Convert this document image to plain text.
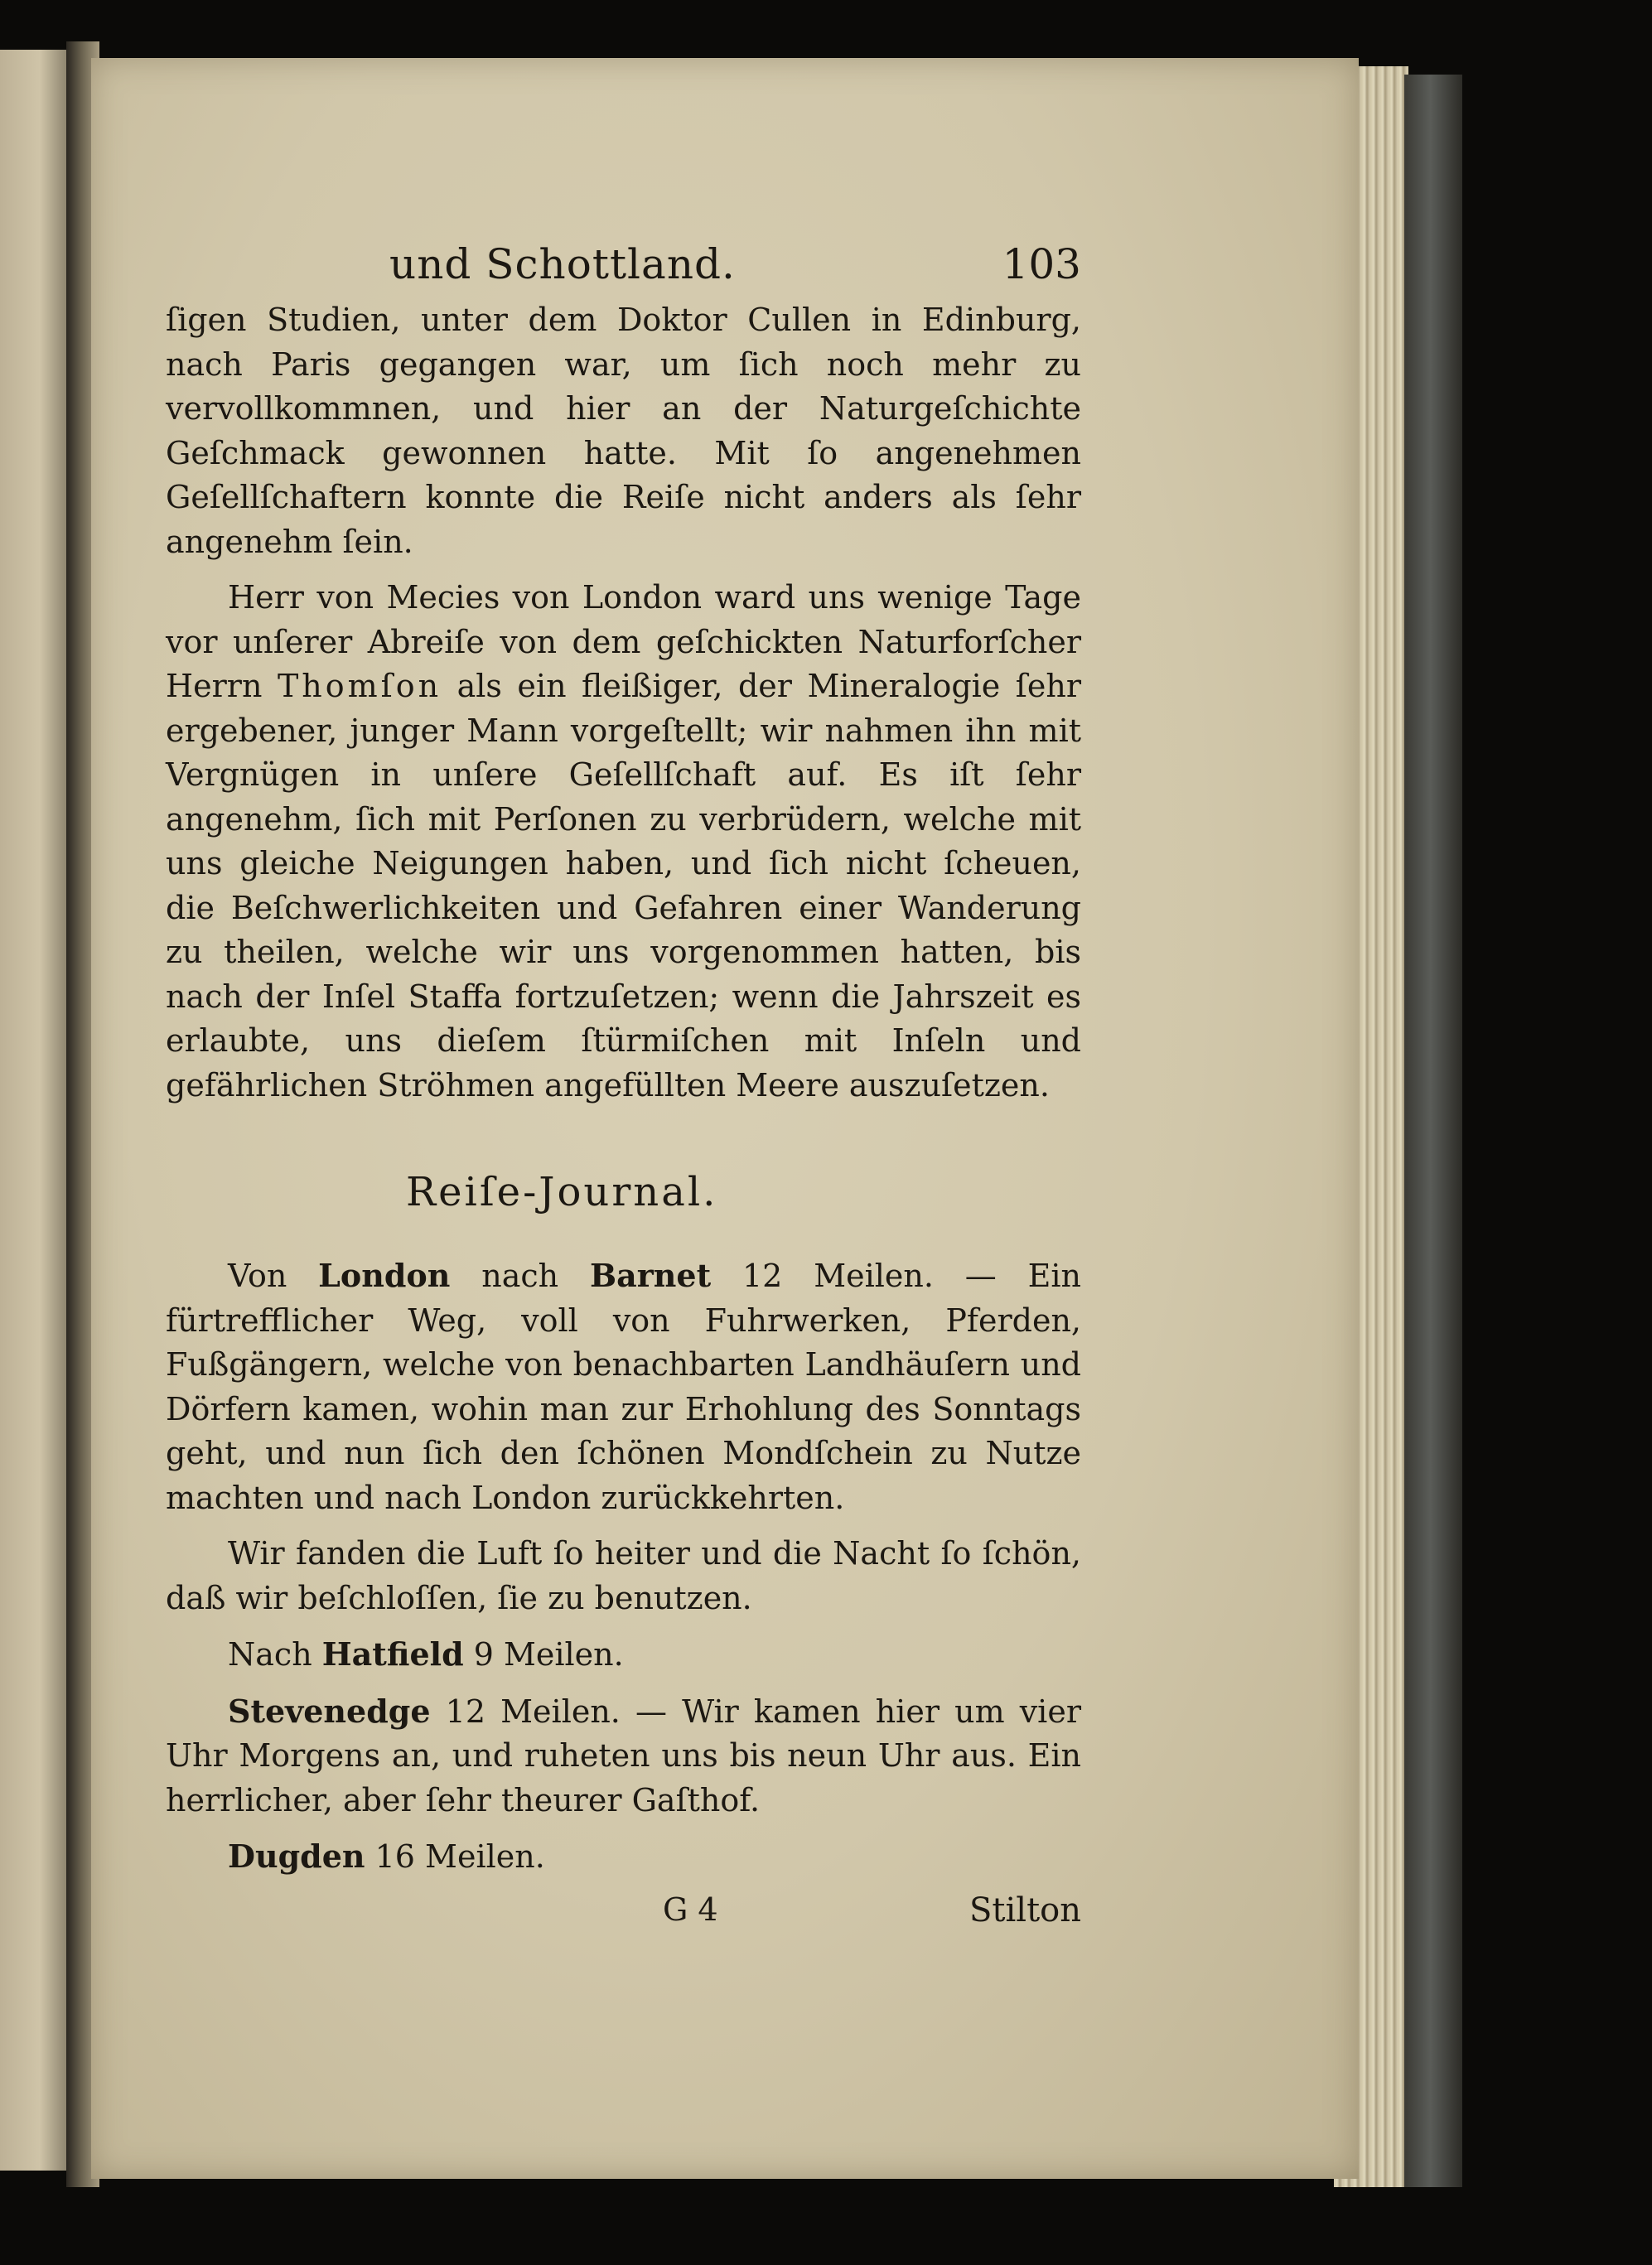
und Schottland.	103

ſigen Studien, unter dem Doktor Cullen in Edinburg, nach Paris gegangen war, um ſich noch mehr zu vervollkommnen, und hier an der Naturgeſchichte Geſchmack gewonnen hatte. Mit ſo angenehmen Geſellſchaftern konnte die Reiſe nicht anders als ſehr angenehm ſein.

Herr von Mecies von London ward uns wenige Tage vor unſerer Abreiſe von dem geſchickten Naturforſcher Herrn Thomſon als ein fleißiger, der Mineralogie ſehr ergebener, junger Mann vorgeſtellt; wir nahmen ihn mit Vergnügen in unſere Geſellſchaft auf. Es iſt ſehr angenehm, ſich mit Perſonen zu verbrüdern, welche mit uns gleiche Neigungen haben, und ſich nicht ſcheuen, die Beſchwerlichkeiten und Gefahren einer Wanderung zu theilen, welche wir uns vorgenommen hatten, bis nach der Inſel Staffa fortzuſetzen; wenn die Jahrszeit es erlaubte, uns dieſem ſtürmiſchen mit Inſeln und gefährlichen Ströhmen angefüllten Meere auszuſetzen.

Reiſe-Journal.

Von London nach Barnet 12 Meilen. — Ein fürtrefflicher Weg, voll von Fuhrwerken, Pferden, Fußgängern, welche von benachbarten Landhäuſern und Dörfern kamen, wohin man zur Erhohlung des Sonntags geht, und nun ſich den ſchönen Mondſchein zu Nutze machten und nach London zurückkehrten.

Wir fanden die Luft ſo heiter und die Nacht ſo ſchön, daß wir beſchloſſen, ſie zu benutzen.

Nach Hatfield 9 Meilen.

Stevenedge 12 Meilen. — Wir kamen hier um vier Uhr Morgens an, und ruheten uns bis neun Uhr aus. Ein herrlicher, aber ſehr theurer Gaſthof.

Dugden 16 Meilen.
G 4	Stilton
